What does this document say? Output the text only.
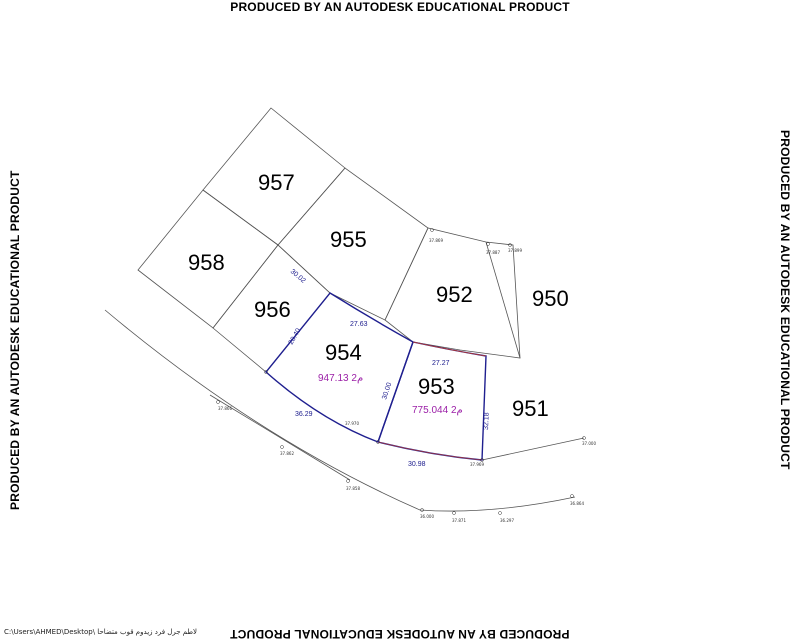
PRODUCED BY AN AUTODESK EDUCATIONAL PRODUCT
PRODUCED BY AN AUTODESK EDUCATIONAL PRODUCT	PRODUCED BY AN AUTODESK EDUCATIONAL PRODUCT
PRODUCED BY AN AUTODESK EDUCATIONAL PRODUCT
C:\Users\AHMED\Desktop\ لاطم جرل فرد زيدوم قوب متضاحا
957
958
955
956
952	950
954
953
951
947.13 م2
775.044 م2
30.02
27.63
20.40
30.00
27.27
32.18
36.29
30.98
37.869
37.887 37.899
37.866
37.862
37.858
36.000
37.871	36.297
36.864
37.000
37.970
37.969
